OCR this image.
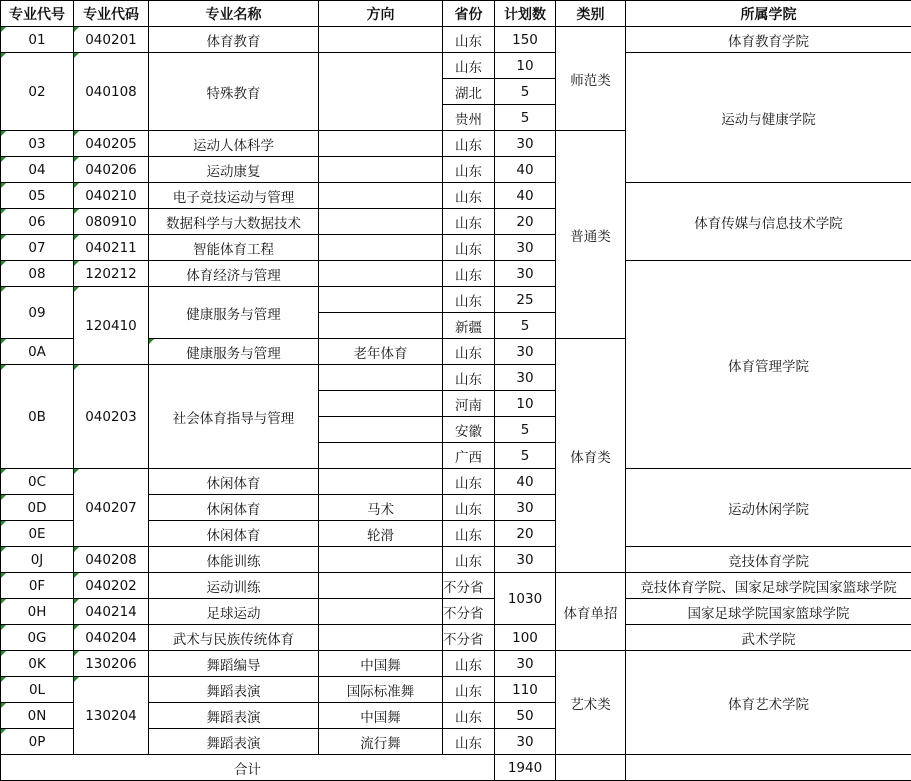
专业代号	专业代码	专业名称	方向	省份	计划数	类别	所属学院
01	040201	体育教育		山东	150	师范类	体育教育学院
02	040108	特殊教育		山东	10		运动与健康学院
				湖北	5		
				贵州	5		
03	040205	运动人体科学		山东	30	普通类	
04	040206	运动康复		山东	40		
05	040210	电子竞技运动与管理		山东	40		体育传媒与信息技术学院
06	080910	数据科学与大数据技术		山东	20		
07	040211	智能体育工程		山东	30		
08	120212	体育经济与管理		山东	30		体育管理学院
09	120410	健康服务与管理		山东	25		
				新疆	5		
0A		健康服务与管理	老年体育	山东	30	体育类	
0B	040203	社会体育指导与管理		山东	30		
				河南	10		
				安徽	5		
				广西	5		
0C	040207	休闲体育		山东	40		运动休闲学院
0D		休闲体育	马术	山东	30		
0E		休闲体育	轮滑	山东	20		
0J	040208	体能训练		山东	30		竞技体育学院
0F	040202	运动训练		不分省	1030	体育单招	竞技体育学院、国家足球学院国家篮球学院
0H	040214	足球运动		不分省			国家足球学院国家篮球学院
0G	040204	武术与民族传统体育		不分省	100		武术学院
0K	130206	舞蹈编导	中国舞	山东	30	艺术类	体育艺术学院
0L	130204	舞蹈表演	国际标准舞	山东	110		
0N		舞蹈表演	中国舞	山东	50		
0P		舞蹈表演	流行舞	山东	30		
合计					1940		
